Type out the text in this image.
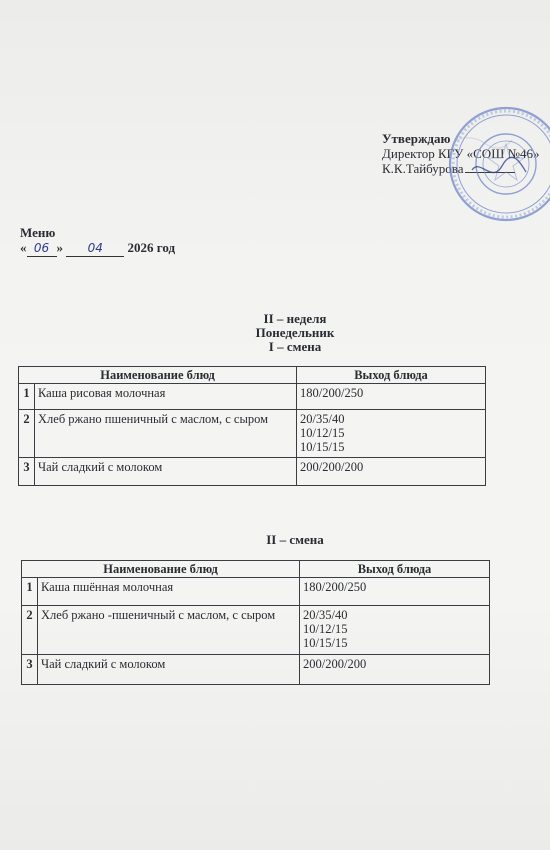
Утверждаю
Директор КГУ «СОШ №46»
К.К.Тайбурова
Меню
« 06 » 04 2026 год
II – неделя
Понедельник
I – смена
Наименование блюд		Выход блюда
1	Каша рисовая молочная	180/200/250

2	Хлеб ржано пшеничный с маслом, с сыром	20/35/40
10/12/15
10/15/15

3	Чай сладкий с молоком	200/200/200
II – смена
Наименование блюд		Выход блюда
1	Каша пшённая молочная	180/200/250

2	Хлеб ржано -пшеничный с маслом, с сыром	20/35/40
10/12/15
10/15/15

3	Чай сладкий с молоком	200/200/200
